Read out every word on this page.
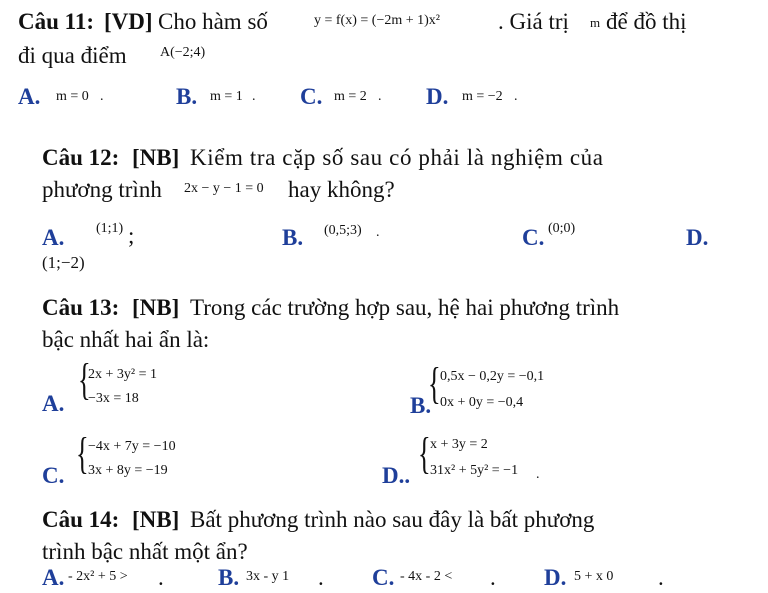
Câu 11: [VD] Cho hàm số	y = f(x) = (−2m + 1)x²	. Giá trị m để đồ thị
đi qua điểm A(−2;4)
A. m = 0 .	B. m = 1 . C. m = 2 . D. m = −2 .
Câu 12: [NB] Kiểm tra cặp số sau có phải là nghiệm của
phương trình 2x − y − 1 = 0 hay không?
A. (1;1) ;	B. (0,5;3) .	C. (0;0)	D.
(1;−2)
Câu 13: [NB] Trong các trường hợp sau, hệ hai phương trình
bậc nhất hai ẩn là:
A. {
2x + 3y² = 1
−3x = 18	B.
{ 0,5x − 0,2y = −0,1
0x + 0y = −0,4
C. { −4x + 7y = −10
3x + 8y = −19	D.. { x + 3y = 2
31x² + 5y² = −1 .
Câu 14: [NB] Bất phương trình nào sau đây là bất phương
trình bậc nhất một ẩn?
A. - 2x² + 5 > . B. 3x - y 1 . C. - 4x - 2 < . D. 5 + x 0 .
